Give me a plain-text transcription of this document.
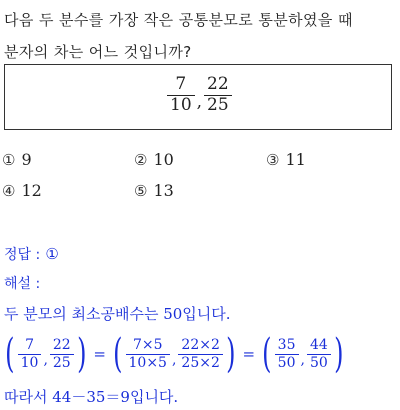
다음 두 분수를 가장 작은 공통분모로 통분하였을 때
분자의 차는 어느 것입니까?
$\frac{7}{10}$ , $\frac{22}{25}$
① 9	② 10	③ 11
④ 12	⑤ 13
정답 : ①
해설 :
두 분모의 최소공배수는 50입니다.
( $\frac{7}{10}$ , $\frac{22}{25}$ ) = ( $\frac{7\times 5}{10\times 5}$ , $\frac{22\times 2}{25\times 2}$ ) = ( $\frac{35}{50}$ , $\frac{44}{50}$ )
따라서 44－35＝9입니다.
